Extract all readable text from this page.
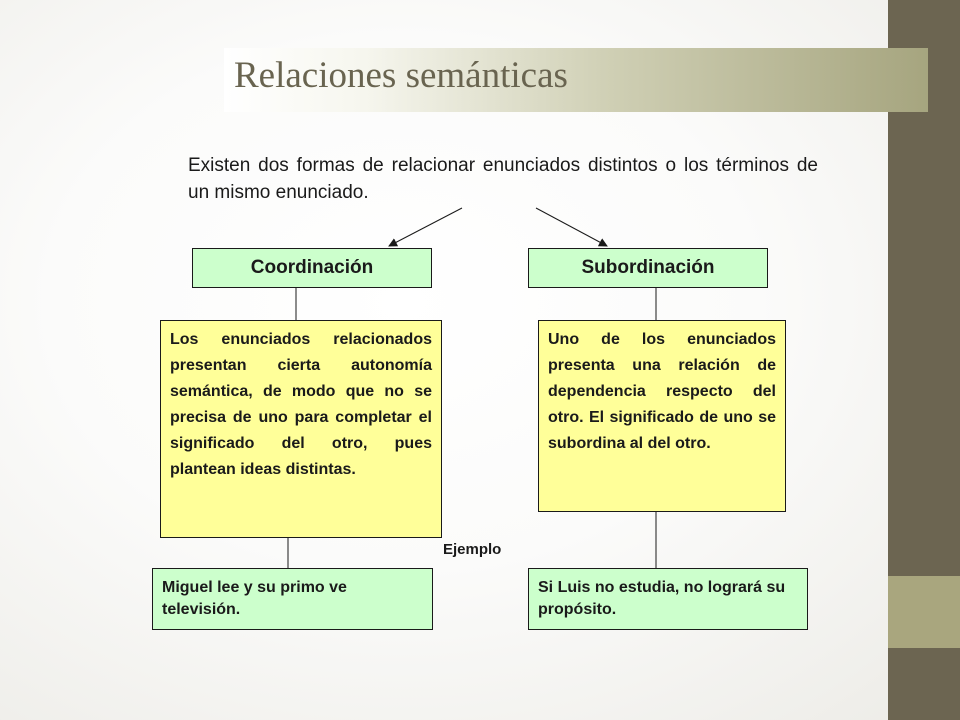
Relaciones semánticas

Existen dos formas de relacionar enunciados distintos o los términos de un mismo enunciado.

Coordinación	Subordinación
Los enunciados relacionados presentan cierta autonomía semántica, de modo que no se precisa de uno para completar el significado del otro, pues plantean ideas distintas.
Uno de los enunciados presenta una relación de dependencia respecto del otro. El significado de uno se subordina al del otro.
Ejemplo
Miguel lee y su primo ve televisión.
Si Luis no estudia, no logrará su propósito.
